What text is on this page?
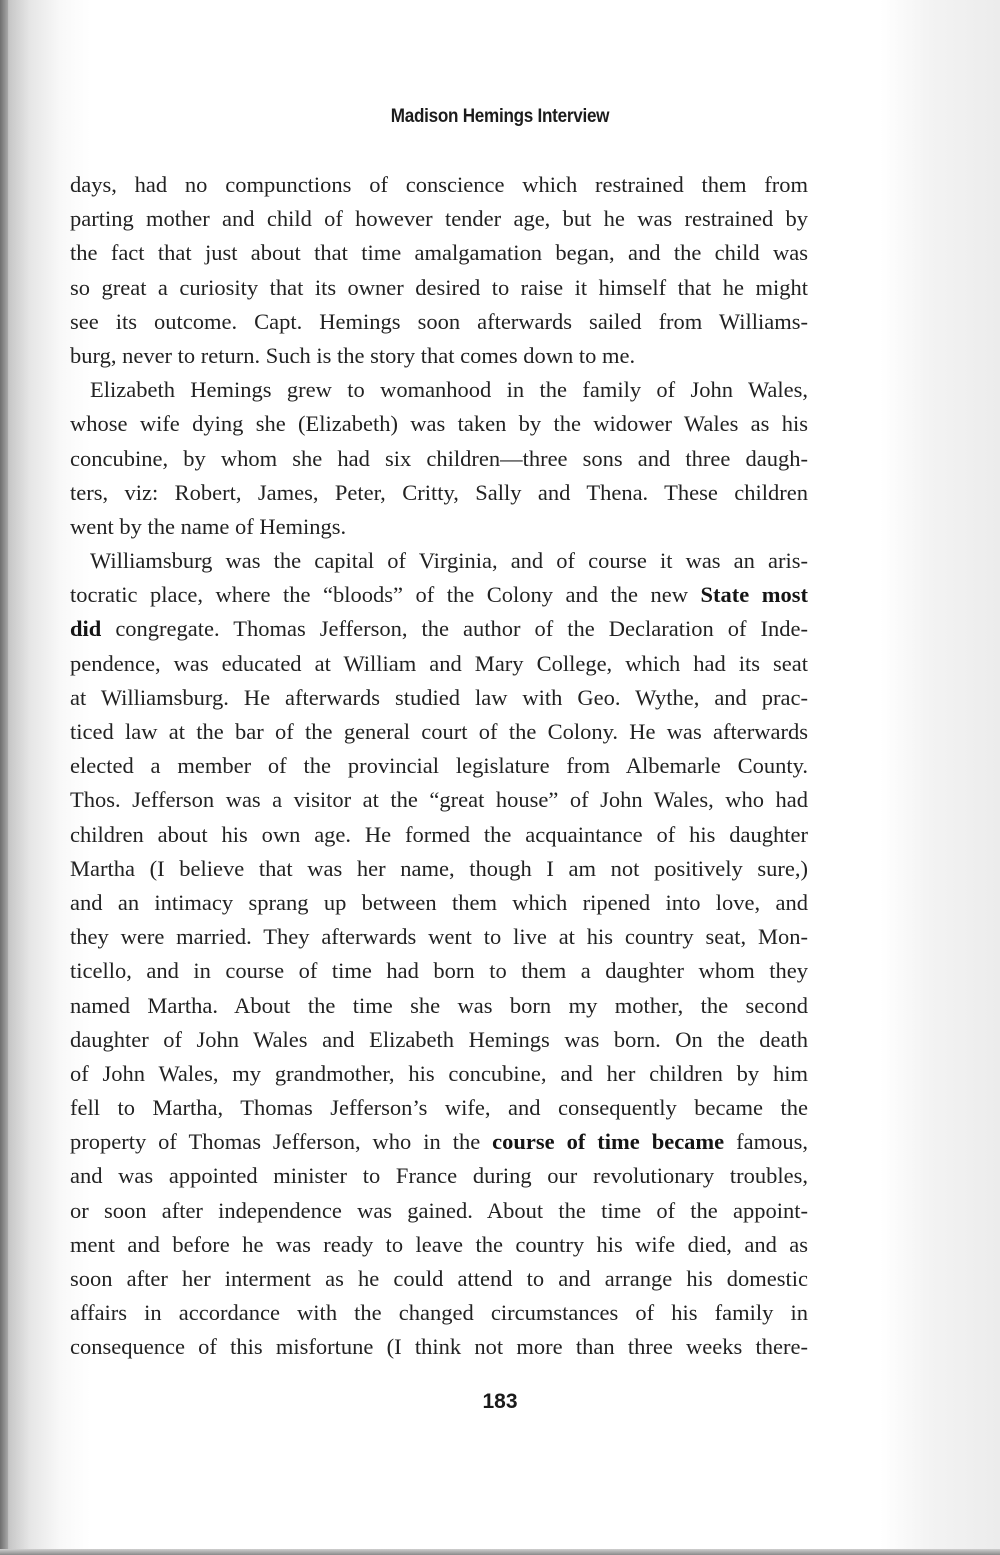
Madison Hemings Interview
days, had no compunctions of conscience which restrained them from
parting mother and child of however tender age, but he was restrained by
the fact that just about that time amalgamation began, and the child was
so great a curiosity that its owner desired to raise it himself that he might
see its outcome. Capt. Hemings soon afterwards sailed from Williams-
burg, never to return. Such is the story that comes down to me.
Elizabeth Hemings grew to womanhood in the family of John Wales,
whose wife dying she (Elizabeth) was taken by the widower Wales as his
concubine, by whom she had six children—three sons and three daugh-
ters, viz: Robert, James, Peter, Critty, Sally and Thena. These children
went by the name of Hemings.
Williamsburg was the capital of Virginia, and of course it was an aris-
tocratic place, where the “bloods” of the Colony and the new State most
did congregate. Thomas Jefferson, the author of the Declaration of Inde-
pendence, was educated at William and Mary College, which had its seat
at Williamsburg. He afterwards studied law with Geo. Wythe, and prac-
ticed law at the bar of the general court of the Colony. He was afterwards
elected a member of the provincial legislature from Albemarle County.
Thos. Jefferson was a visitor at the “great house” of John Wales, who had
children about his own age. He formed the acquaintance of his daughter
Martha (I believe that was her name, though I am not positively sure,)
and an intimacy sprang up between them which ripened into love, and
they were married. They afterwards went to live at his country seat, Mon-
ticello, and in course of time had born to them a daughter whom they
named Martha. About the time she was born my mother, the second
daughter of John Wales and Elizabeth Hemings was born. On the death
of John Wales, my grandmother, his concubine, and her children by him
fell to Martha, Thomas Jefferson’s wife, and consequently became the
property of Thomas Jefferson, who in the course of time became famous,
and was appointed minister to France during our revolutionary troubles,
or soon after independence was gained. About the time of the appoint-
ment and before he was ready to leave the country his wife died, and as
soon after her interment as he could attend to and arrange his domestic
affairs in accordance with the changed circumstances of his family in
consequence of this misfortune (I think not more than three weeks there-
183
